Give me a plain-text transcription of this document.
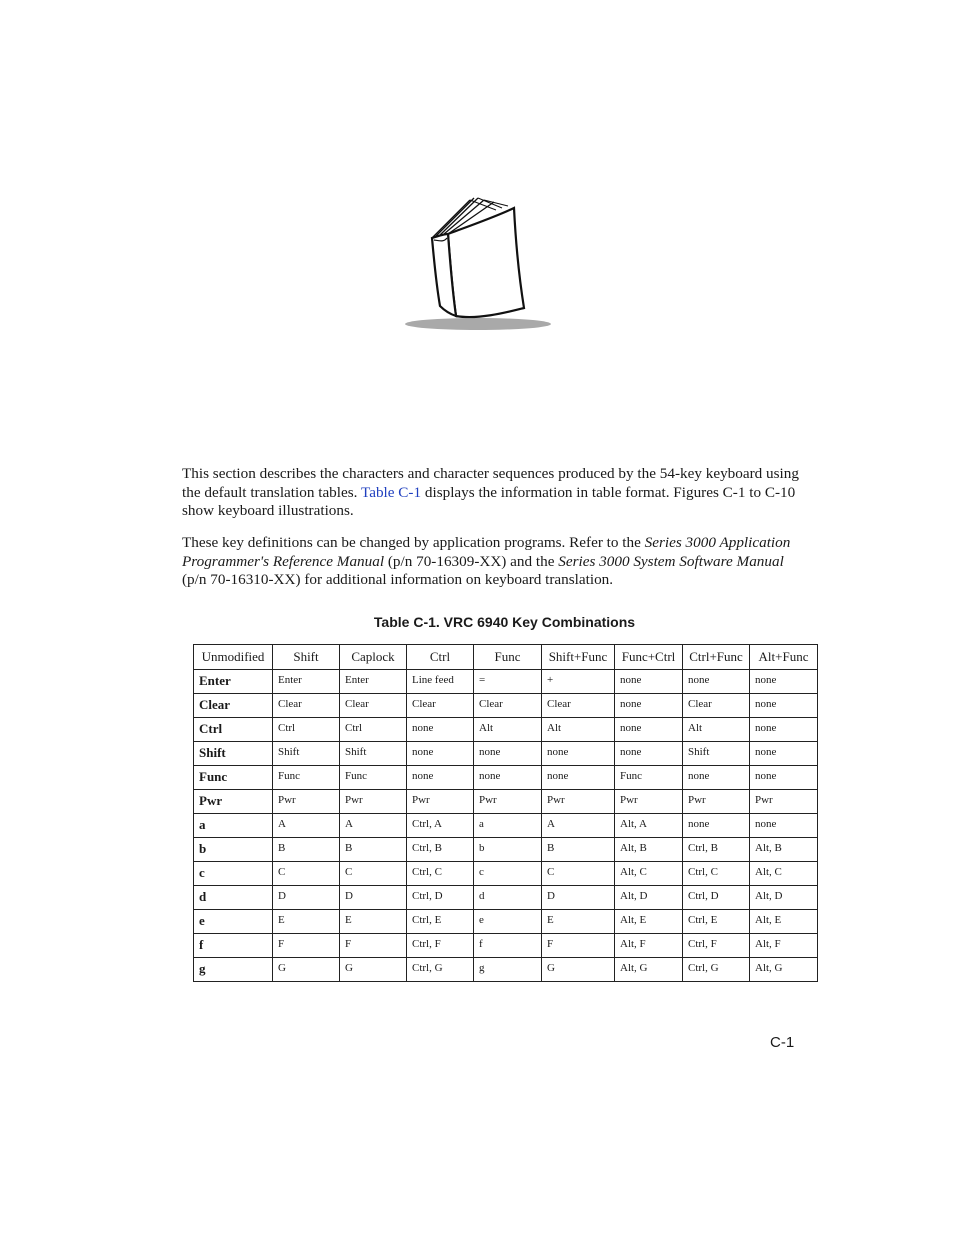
This section describes the characters and character sequences produced by the 54-key keyboard using the default translation tables. Table C-1 displays the information in table format. Figures C-1 to C-10 show keyboard illustrations.

These key definitions can be changed by application programs. Refer to the Series 3000 Application Programmer's Reference Manual (p/n 70-16309-XX) and the Series 3000 System Software Manual (p/n 70-16310-XX) for additional information on keyboard translation.

Table C-1. VRC 6940 Key Combinations
Unmodified	Shift	Caplock	Ctrl	Func	Shift+Func	Func+Ctrl	Ctrl+Func	Alt+Func
Enter	Enter	Enter	Line feed	=	+	none	none	none
Clear	Clear	Clear	Clear	Clear	Clear	none	Clear	none
Ctrl	Ctrl	Ctrl	none	Alt	Alt	none	Alt	none
Shift	Shift	Shift	none	none	none	none	Shift	none
Func	Func	Func	none	none	none	Func	none	none
Pwr	Pwr	Pwr	Pwr	Pwr	Pwr	Pwr	Pwr	Pwr
a	A	A	Ctrl, A	a	A	Alt, A	none	none
b	B	B	Ctrl, B	b	B	Alt, B	Ctrl, B	Alt, B
c	C	C	Ctrl, C	c	C	Alt, C	Ctrl, C	Alt, C
d	D	D	Ctrl, D	d	D	Alt, D	Ctrl, D	Alt, D
e	E	E	Ctrl, E	e	E	Alt, E	Ctrl, E	Alt, E
f	F	F	Ctrl, F	f	F	Alt, F	Ctrl, F	Alt, F
g	G	G	Ctrl, G	g	G	Alt, G	Ctrl, G	Alt, G
C-1
